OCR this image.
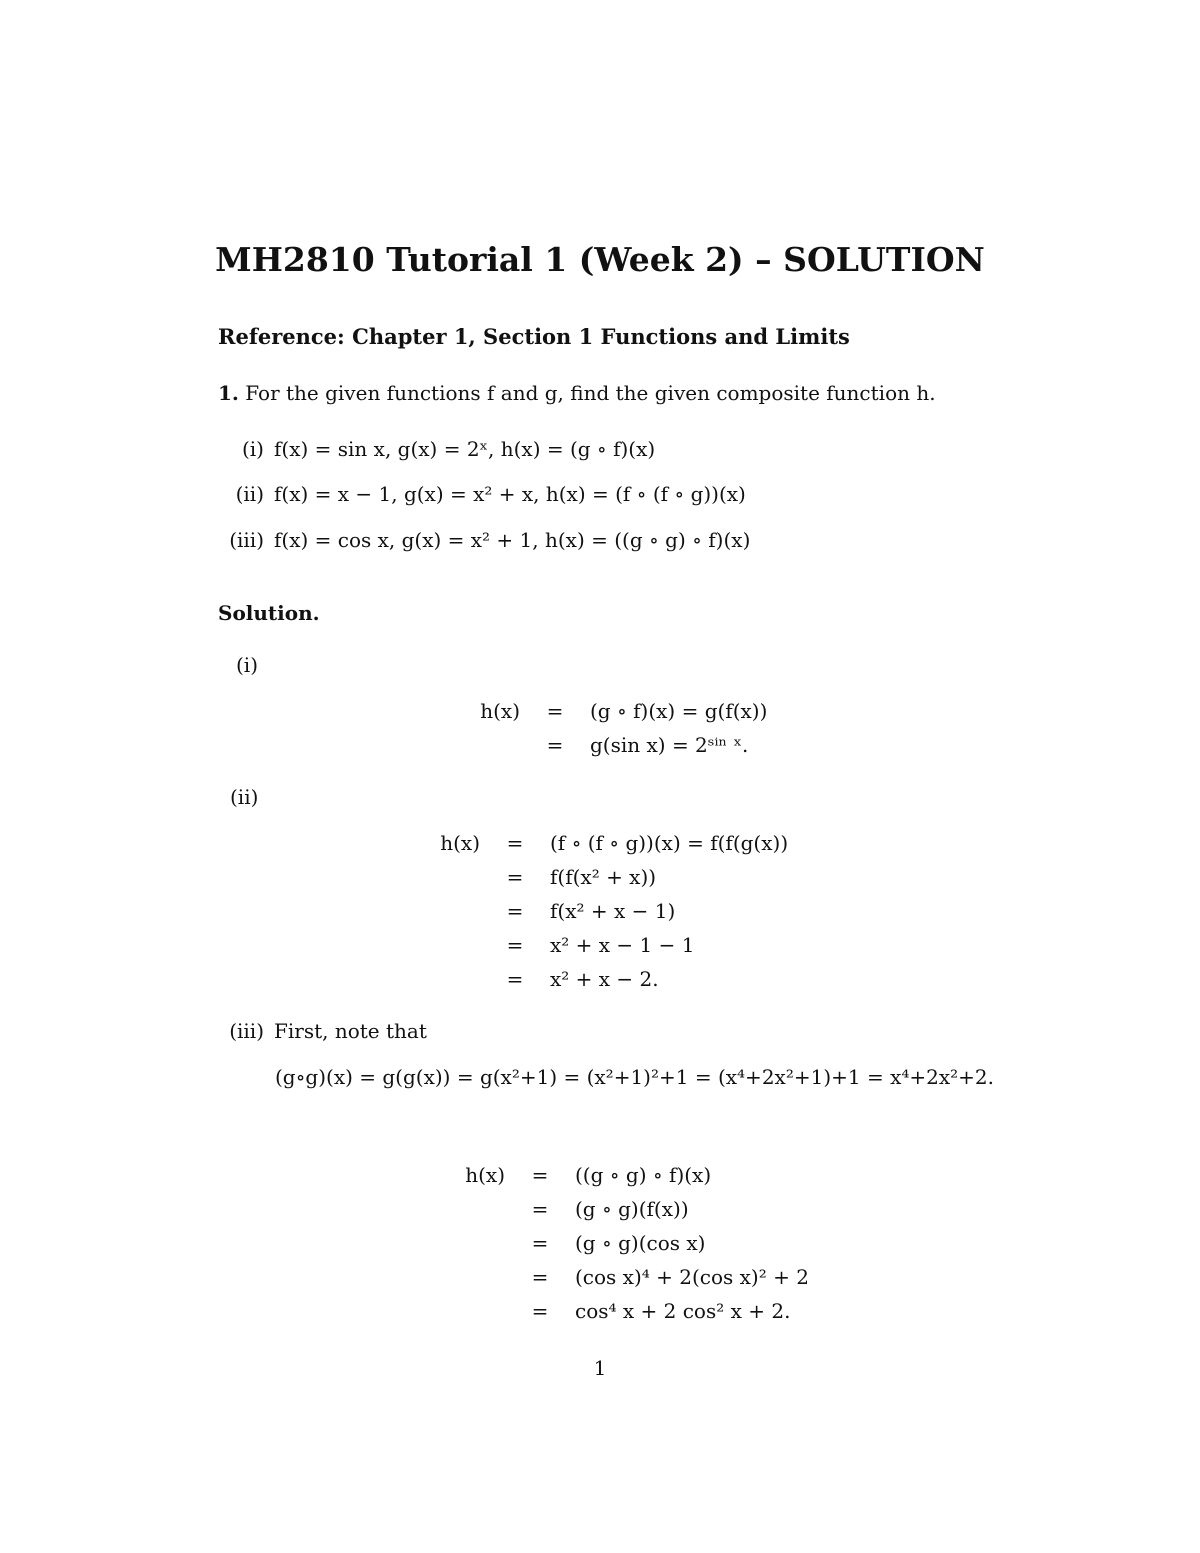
MH2810 Tutorial 1 (Week 2) – SOLUTION
Reference: Chapter 1, Section 1 Functions and Limits
1. For the given functions f and g, find the given composite function h.
(i) f(x) = sin x, g(x) = 2ˣ, h(x) = (g ∘ f)(x)
(ii) f(x) = x − 1, g(x) = x² + x, h(x) = (f ∘ (f ∘ g))(x)
(iii) f(x) = cos x, g(x) = x² + 1, h(x) = ((g ∘ g) ∘ f)(x)
Solution.
(i)
h(x)	=	(g ∘ f)(x) = g(f(x))
	=	g(sin x) = 2ˢⁱⁿ ˣ.
(ii)
h(x)	=	(f ∘ (f ∘ g))(x) = f(f(g(x))
	=	f(f(x² + x))
	=	f(x² + x − 1)
	=	x² + x − 1 − 1
	=	x² + x − 2.
(iii) First, note that
(g∘g)(x) = g(g(x)) = g(x²+1) = (x²+1)²+1 = (x⁴+2x²+1)+1 = x⁴+2x²+2.
h(x)	=	((g ∘ g) ∘ f)(x)
	=	(g ∘ g)(f(x))
	=	(g ∘ g)(cos x)
	=	(cos x)⁴ + 2(cos x)² + 2
	=	cos⁴ x + 2 cos² x + 2.
1
